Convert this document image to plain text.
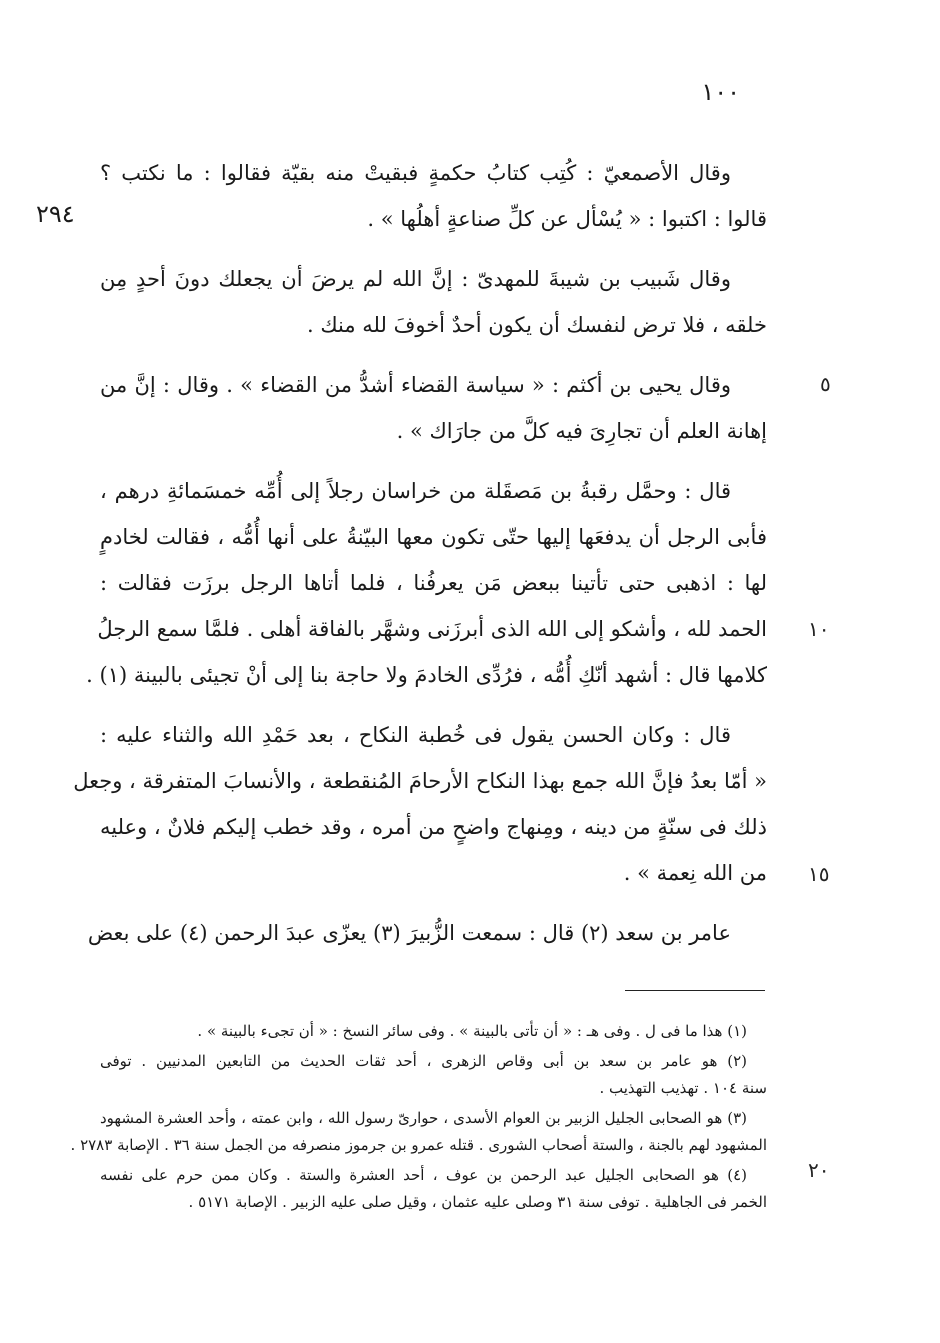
١٠٠
٢٩٤
٥
١٠
١٥
٢٠

وقال الأصمعيّ : كُتِب كتابُ حكمةٍ فبقيتْ منه بقيّة فقالوا : ما نكتب ؟
قالوا : اكتبوا : « يُسْأل عن كلِّ صناعةٍ أهلُها » .

وقال شَبيب بن شيبةَ للمهدىّ : إنَّ الله لم يرضَ أن يجعلك دونَ أحدٍ مِن
خلقه ، فلا ترض لنفسك أن يكون أحدٌ أخوفَ لله منك .

وقال يحيى بن أكثم : « سياسة القضاء أشدُّ من القضاء » . وقال : إنَّ من
إهانة العلم أن تجارِىَ فيه كلَّ من جارَاك » .

قال : وحمَّل رقبةُ بن مَصقَلة من خراسان رجلاً إلى أُمِّه خمسَمائةِ درهم ،
فأبى الرجل أن يدفعَها إليها حتّى تكون معها البيّنةُ على أنها أُمُّه ، فقالت لخادمٍ
لها : اذهبى حتى تأتينا ببعض مَن يعرفُنا ، فلما أتاها الرجل برزَت فقالت :
الحمد لله ، وأشكو إلى الله الذى أبرزَنى وشهَّر بالفاقة أهلى . فلمَّا سمع الرجلُ
كلامها قال : أشهد أنّكِ أُمُّه ، فرُدِّى الخادمَ ولا حاجة بنا إلى أنْ تجيئى بالبينة (١) .

قال : وكان الحسن يقول فى خُطبة النكاح ، بعد حَمْدِ الله والثناء عليه :
« أمّا بعدُ فإنَّ الله جمع بهذا النكاح الأرحامَ المُنقطعة ، والأنسابَ المتفرقة ، وجعل
ذلك فى سنّةٍ من دينه ، ومِنهاج واضحٍ من أمره ، وقد خطب إليكم فلانٌ ، وعليه
من الله نِعمة » .

عامر بن سعد (٢) قال : سمعت الزُّبيرَ (٣) يعزّى عبدَ الرحمن (٤) على بعض

(١) هذا ما فى ل . وفى هـ : « أن تأتى بالبينة » . وفى سائر النسخ : « أن تجىء بالبينة » .

(٢) هو عامر بن سعد بن أبى وقاص الزهرى ، أحد ثقات الحديث من التابعين المدنيين . توفى
سنة ١٠٤ . تهذيب التهذيب .

(٣) هو الصحابى الجليل الزبير بن العوام الأسدى ، حوارىّ رسول الله ، وابن عمته ، وأحد العشرة المشهود
المشهود لهم بالجنة ، والستة أصحاب الشورى . قتله عمرو بن جرموز منصرفه من الجمل سنة ٣٦ . الإصابة ٢٧٨٣ .

(٤) هو الصحابى الجليل عبد الرحمن بن عوف ، أحد العشرة والستة . وكان ممن حرم على نفسه
الخمر فى الجاهلية . توفى سنة ٣١ وصلى عليه عثمان ، وقيل صلى عليه الزبير . الإصابة ٥١٧١ .
